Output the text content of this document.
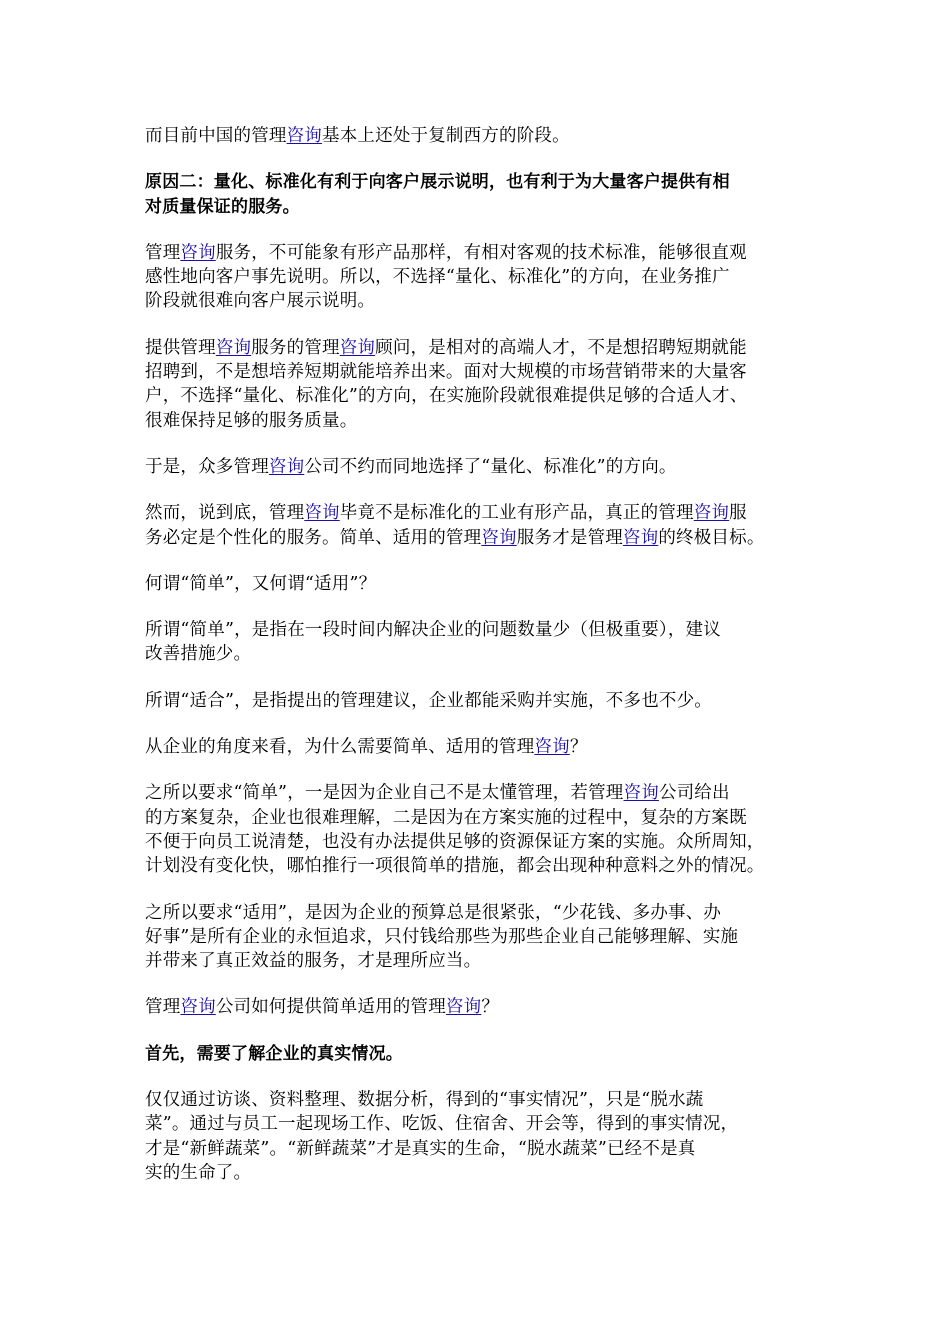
而目前中国的管理咨询基本上还处于复制西方的阶段。
原因二：量化、标准化有利于向客户展示说明，也有利于为大量客户提供有相
对质量保证的服务。
管理咨询服务，不可能象有形产品那样，有相对客观的技术标准，能够很直观
感性地向客户事先说明。所以，不选择“量化、标准化”的方向，在业务推广
阶段就很难向客户展示说明。
提供管理咨询服务的管理咨询顾问，是相对的高端人才，不是想招聘短期就能
招聘到，不是想培养短期就能培养出来。面对大规模的市场营销带来的大量客
户，不选择“量化、标准化”的方向，在实施阶段就很难提供足够的合适人才、
很难保持足够的服务质量。
于是，众多管理咨询公司不约而同地选择了“量化、标准化”的方向。
然而，说到底，管理咨询毕竟不是标准化的工业有形产品，真正的管理咨询服
务必定是个性化的服务。简单、适用的管理咨询服务才是管理咨询的终极目标。
何谓“简单”，又何谓“适用”？
所谓“简单”，是指在一段时间内解决企业的问题数量少（但极重要），建议
改善措施少。
所谓“适合”，是指提出的管理建议，企业都能采购并实施，不多也不少。
从企业的角度来看，为什么需要简单、适用的管理咨询？
之所以要求“简单”，一是因为企业自己不是太懂管理，若管理咨询公司给出
的方案复杂，企业也很难理解，二是因为在方案实施的过程中，复杂的方案既
不便于向员工说清楚，也没有办法提供足够的资源保证方案的实施。众所周知，
计划没有变化快，哪怕推行一项很简单的措施，都会出现种种意料之外的情况。
之所以要求“适用”，是因为企业的预算总是很紧张，“少花钱、多办事、办
好事”是所有企业的永恒追求，只付钱给那些为那些企业自己能够理解、实施
并带来了真正效益的服务，才是理所应当。
管理咨询公司如何提供简单适用的管理咨询？
首先，需要了解企业的真实情况。
仅仅通过访谈、资料整理、数据分析，得到的“事实情况”，只是“脱水蔬
菜”。通过与员工一起现场工作、吃饭、住宿舍、开会等，得到的事实情况，
才是“新鲜蔬菜”。“新鲜蔬菜”才是真实的生命，“脱水蔬菜”已经不是真
实的生命了。
